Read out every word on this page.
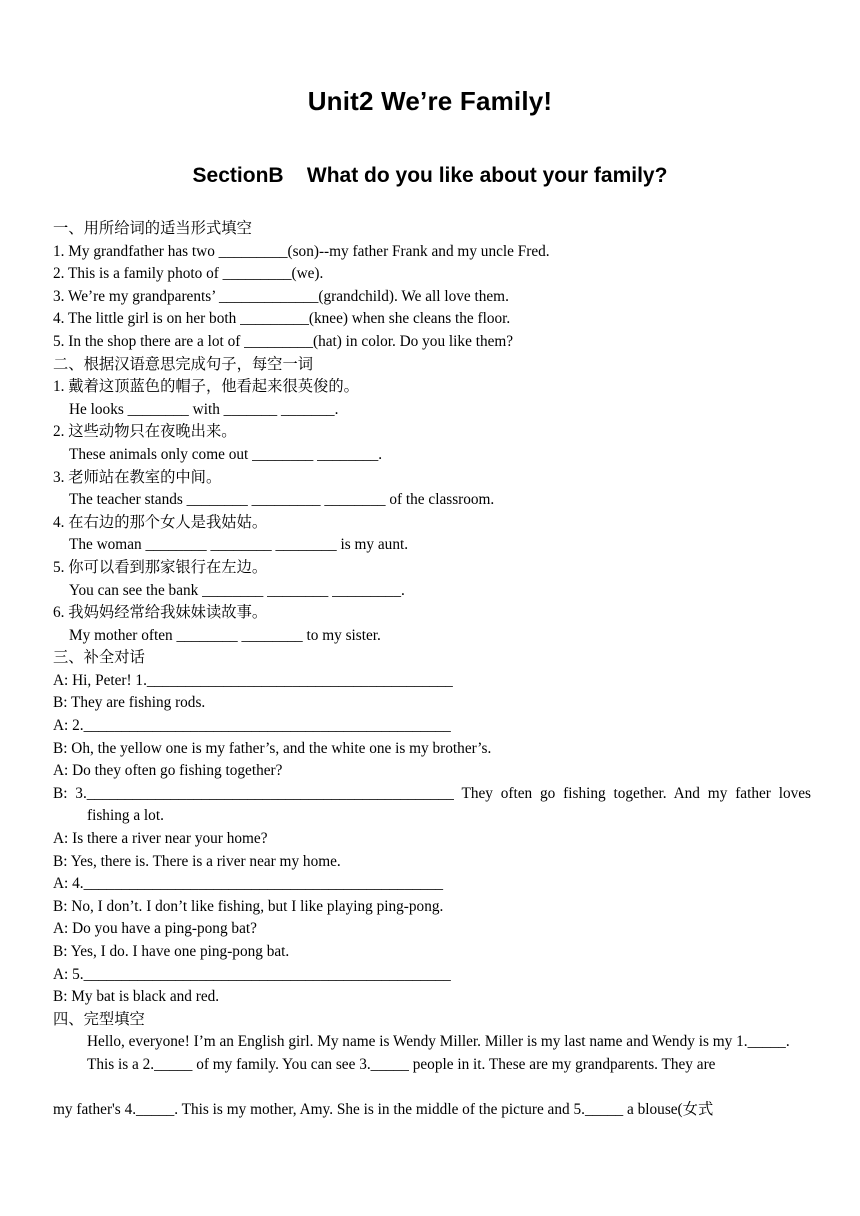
Unit2 We’re Family!
SectionB    What do you like about your family?
一、用所给词的适当形式填空
1. My grandfather has two _________(son)--my father Frank and my uncle Fred.
2. This is a family photo of _________(we).
3. We’re my grandparents’ _____________(grandchild). We all love them.
4. The little girl is on her both _________(knee) when she cleans the floor.
5. In the shop there are a lot of _________(hat) in color. Do you like them?
二、根据汉语意思完成句子，每空一词
1. 戴着这顶蓝色的帽子，他看起来很英俊的。
He looks ________ with _______ _______.
2. 这些动物只在夜晚出来。
These animals only come out ________ ________.
3. 老师站在教室的中间。
The teacher stands ________ _________ ________ of the classroom.
4. 在右边的那个女人是我姑姑。
The woman ________ ________ ________ is my aunt.
5. 你可以看到那家银行在左边。
You can see the bank ________ ________ _________.
6. 我妈妈经常给我妹妹读故事。
My mother often ________ ________ to my sister.
三、补全对话
A: Hi, Peter! 1.________________________________________
B: They are fishing rods.
A: 2.________________________________________________
B: Oh, the yellow one is my father’s, and the white one is my brother’s.
A: Do they often go fishing together?
B: 3.________________________________________________ They often go fishing together. And my father loves fishing a lot.
A: Is there a river near your home?
B: Yes, there is. There is a river near my home.
A: 4._______________________________________________
B: No, I don’t. I don’t like fishing, but I like playing ping-pong.
A: Do you have a ping-pong bat?
B: Yes, I do. I have one ping-pong bat.
A: 5.________________________________________________
B: My bat is black and red.
四、完型填空
Hello, everyone! I’m an English girl. My name is Wendy Miller. Miller is my last name and Wendy is my 1._____.
This is a 2._____ of my family. You can see 3._____ people in it. These are my grandparents. They are
my father's 4._____. This is my mother, Amy. She is in the middle of the picture and 5._____ a blouse(女式
